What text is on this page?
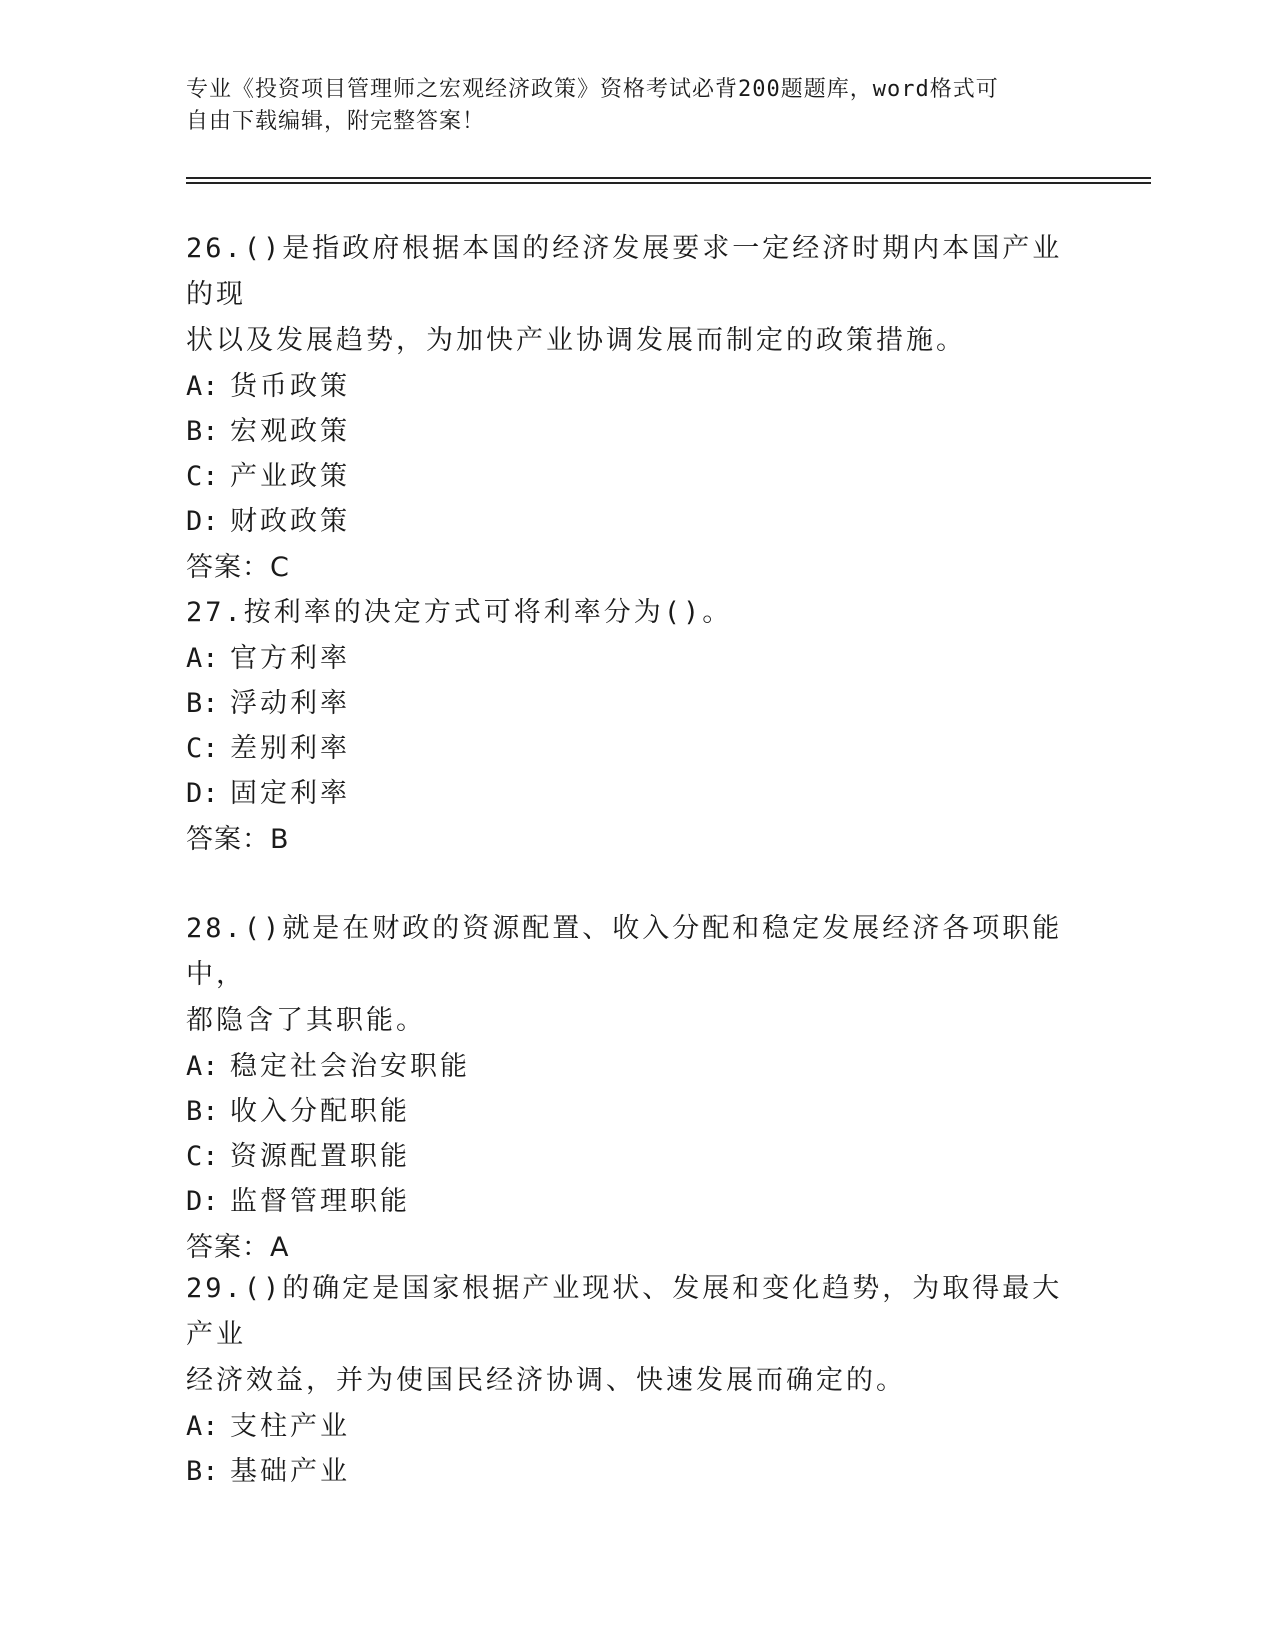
专业《投资项目管理师之宏观经济政策》资格考试必背200题题库，word格式可
自由下载编辑，附完整答案！

26.()是指政府根据本国的经济发展要求一定经济时期内本国产业的现
状以及发展趋势，为加快产业协调发展而制定的政策措施。

A: 货币政策

B: 宏观政策

C: 产业政策

D: 财政政策

答案：C

27.按利率的决定方式可将利率分为()。

A: 官方利率

B: 浮动利率

C: 差别利率

D: 固定利率

答案：B

28.()就是在财政的资源配置、收入分配和稳定发展经济各项职能中，
都隐含了其职能。

A: 稳定社会治安职能

B: 收入分配职能

C: 资源配置职能

D: 监督管理职能

答案：A

29.()的确定是国家根据产业现状、发展和变化趋势，为取得最大产业
经济效益，并为使国民经济协调、快速发展而确定的。

A: 支柱产业

B: 基础产业
